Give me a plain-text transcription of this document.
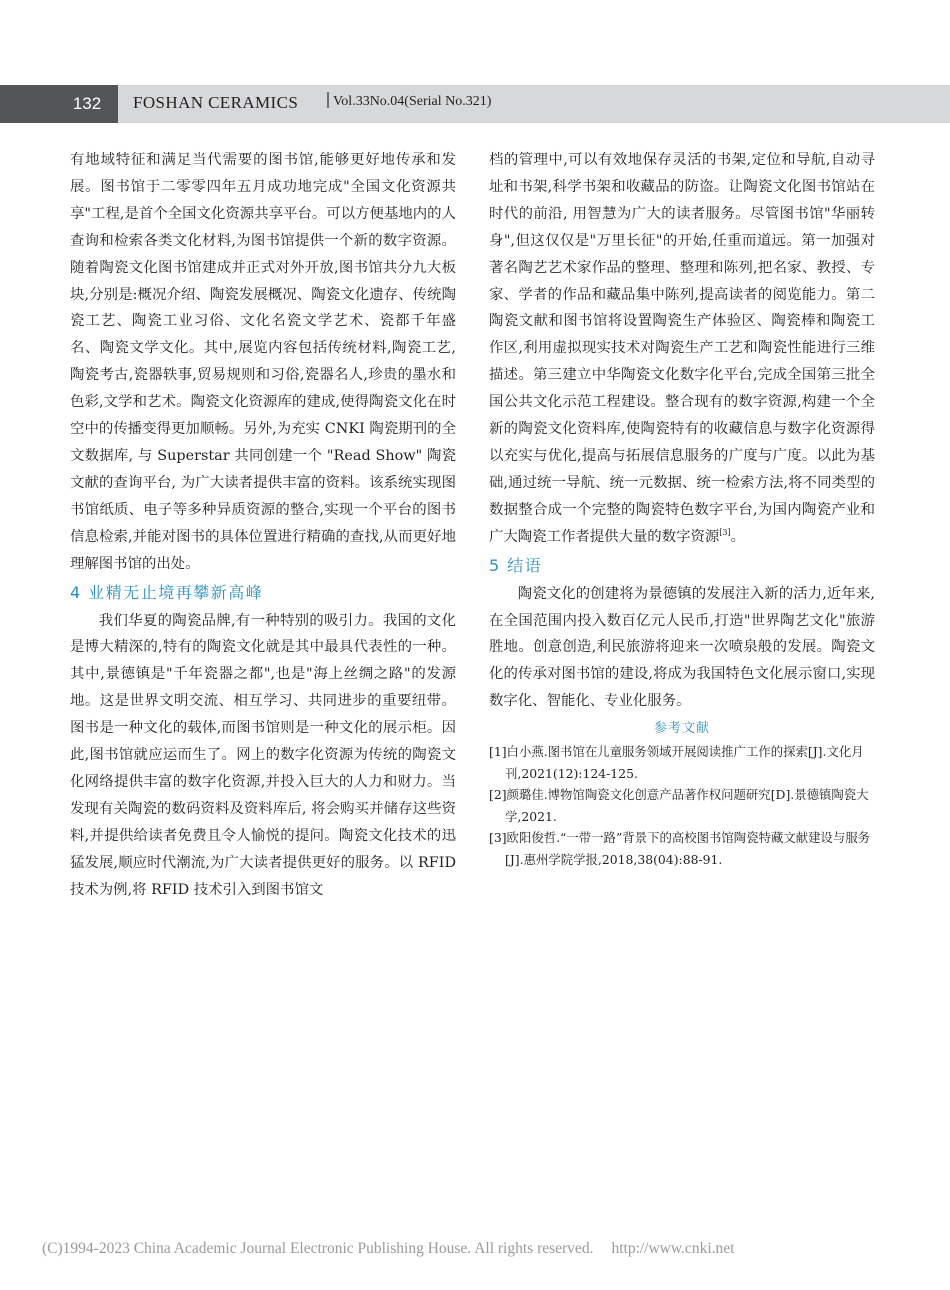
132	FOSHAN CERAMICS Vol.33No.04(Serial No.321)

有地域特征和满足当代需要的图书馆,能够更好地传承和发展。图书馆于二零零四年五月成功地完成"全国文化资源共享"工程,是首个全国文化资源共享平台。可以方便基地内的人查询和检索各类文化材料,为图书馆提供一个新的数字资源。随着陶瓷文化图书馆建成并正式对外开放,图书馆共分九大板块,分别是:概况介绍、陶瓷发展概况、陶瓷文化遗存、传统陶瓷工艺、陶瓷工业习俗、文化名瓷文学艺术、瓷都千年盛名、陶瓷文学文化。其中,展览内容包括传统材料,陶瓷工艺,陶瓷考古,瓷器轶事,贸易规则和习俗,瓷器名人,珍贵的墨水和色彩,文学和艺术。陶瓷文化资源库的建成,使得陶瓷文化在时空中的传播变得更加顺畅。另外,为充实 CNKI 陶瓷期刊的全文数据库, 与 Superstar 共同创建一个 "Read Show" 陶瓷文献的查询平台, 为广大读者提供丰富的资料。该系统实现图书馆纸质、电子等多种异质资源的整合,实现一个平台的图书信息检索,并能对图书的具体位置进行精确的查找,从而更好地理解图书馆的出处。

4 业精无止境再攀新高峰

我们华夏的陶瓷品牌,有一种特别的吸引力。我国的文化是博大精深的,特有的陶瓷文化就是其中最具代表性的一种。其中,景德镇是"千年瓷器之都",也是"海上丝绸之路"的发源地。这是世界文明交流、相互学习、共同进步的重要纽带。图书是一种文化的载体,而图书馆则是一种文化的展示柜。因此,图书馆就应运而生了。网上的数字化资源为传统的陶瓷文化网络提供丰富的数字化资源,并投入巨大的人力和财力。当发现有关陶瓷的数码资料及资料库后, 将会购买并储存这些资料,并提供给读者免费且令人愉悦的提问。陶瓷文化技术的迅猛发展,顺应时代潮流,为广大读者提供更好的服务。以 RFID 技术为例,将 RFID 技术引入到图书馆文

档的管理中,可以有效地保存灵活的书架,定位和导航,自动寻址和书架,科学书架和收藏品的防盗。让陶瓷文化图书馆站在时代的前沿, 用智慧为广大的读者服务。尽管图书馆"华丽转身",但这仅仅是"万里长征"的开始,任重而道远。第一加强对著名陶艺艺术家作品的整理、整理和陈列,把名家、教授、专家、学者的作品和藏品集中陈列,提高读者的阅览能力。第二陶瓷文献和图书馆将设置陶瓷生产体验区、陶瓷棒和陶瓷工作区,利用虚拟现实技术对陶瓷生产工艺和陶瓷性能进行三维描述。第三建立中华陶瓷文化数字化平台,完成全国第三批全国公共文化示范工程建设。整合现有的数字资源,构建一个全新的陶瓷文化资料库,使陶瓷特有的收藏信息与数字化资源得以充实与优化,提高与拓展信息服务的广度与广度。以此为基础,通过统一导航、统一元数据、统一检索方法,将不同类型的数据整合成一个完整的陶瓷特色数字平台,为国内陶瓷产业和广大陶瓷工作者提供大量的数字资源[3]。

5 结语

陶瓷文化的创建将为景德镇的发展注入新的活力,近年来,在全国范围内投入数百亿元人民币,打造"世界陶艺文化"旅游胜地。创意创造,利民旅游将迎来一次喷泉般的发展。陶瓷文化的传承对图书馆的建设,将成为我国特色文化展示窗口,实现数字化、智能化、专业化服务。

参考文献

[1]白小燕.图书馆在儿童服务领域开展阅读推广工作的探索[J].文化月刊,2021(12):124-125.

[2]颜璐佳.博物馆陶瓷文化创意产品著作权问题研究[D].景德镇陶瓷大学,2021.

[3]欧阳俊哲.“一带一路”背景下的高校图书馆陶瓷特藏文献建设与服务[J].惠州学院学报,2018,38(04):88-91.

(C)1994-2023 China Academic Journal Electronic Publishing House. All rights reserved. http://www.cnki.net
